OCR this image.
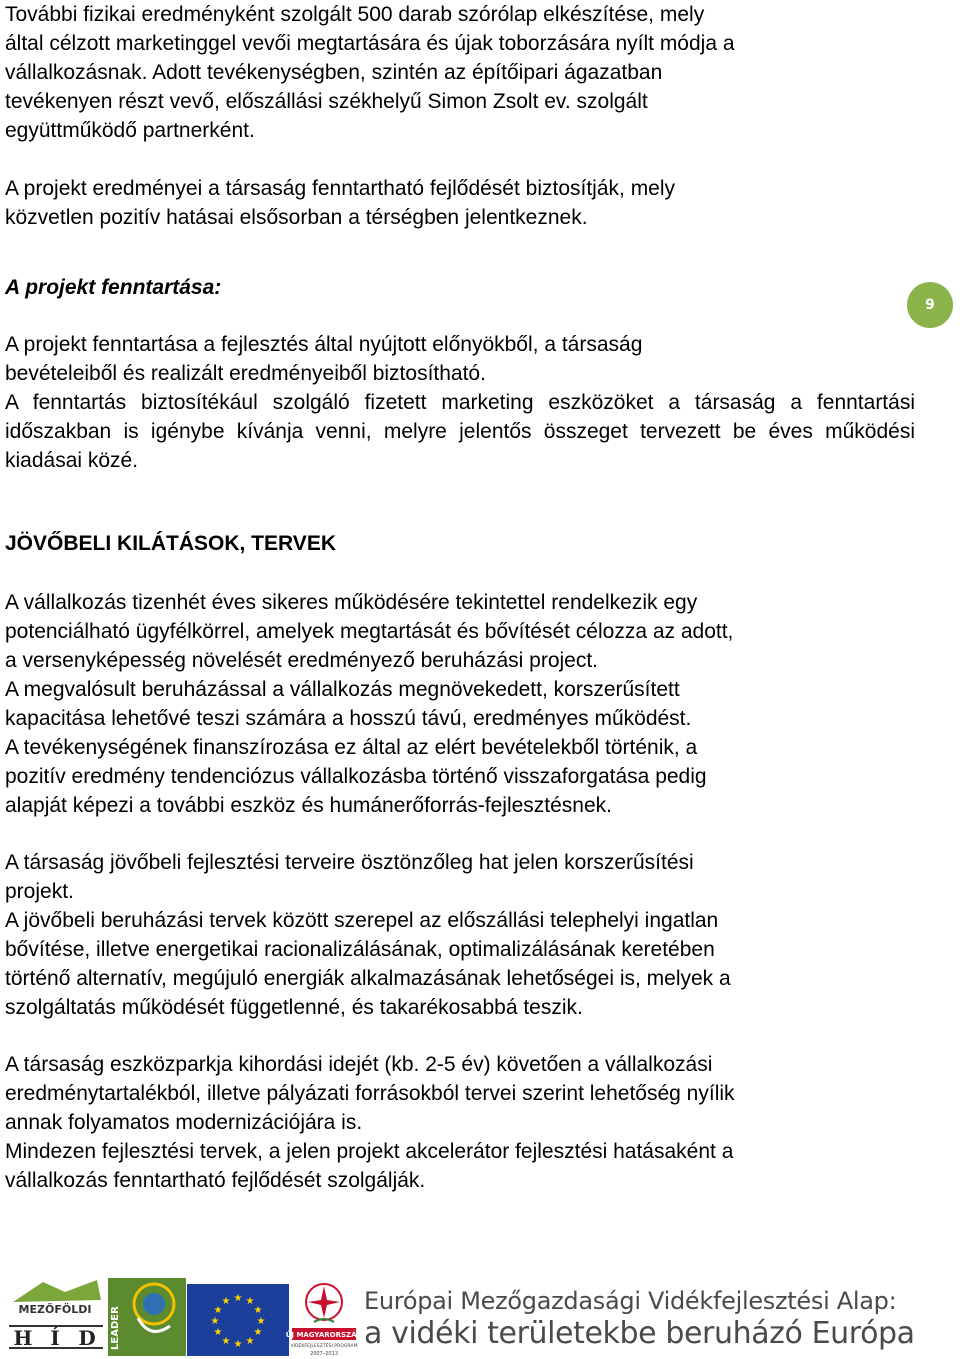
További fizikai eredményként szolgált 500 darab szórólap elkészítése, mely

által célzott marketinggel vevői megtartására és újak toborzására nyílt módja a

vállalkozásnak. Adott tevékenységben, szintén az építőipari ágazatban

tevékenyen részt vevő, előszállási székhelyű Simon Zsolt ev. szolgált

együttműködő partnerként.

A projekt eredményei a társaság fenntartható fejlődését biztosítják, mely

közvetlen pozitív hatásai elsősorban a térségben jelentkeznek.

A projekt fenntartása:

A projekt fenntartása a fejlesztés által nyújtott előnyökből, a társaság

bevételeiből és realizált eredményeiből biztosítható.

A fenntartás biztosítékául szolgáló fizetett marketing eszközöket a társaság a fenntartási időszakban is igénybe kívánja venni, melyre jelentős összeget tervezett be éves működési kiadásai közé.

JÖVŐBELI KILÁTÁSOK, TERVEK

A vállalkozás tizenhét éves sikeres működésére tekintettel rendelkezik egy

potenciálható ügyfélkörrel, amelyek megtartását és bővítését célozza az adott,

a versenyképesség növelését eredményező beruházási project.

A megvalósult beruházással a vállalkozás megnövekedett, korszerűsített

kapacitása lehetővé teszi számára a hosszú távú, eredményes működést.

A tevékenységének finanszírozása ez által az elért bevételekből történik, a

pozitív eredmény tendenciózus vállalkozásba történő visszaforgatása pedig

alapját képezi a további eszköz és humánerőforrás-fejlesztésnek.

A társaság jövőbeli fejlesztési terveire ösztönzőleg hat jelen korszerűsítési

projekt.

A jövőbeli beruházási tervek között szerepel az előszállási telephelyi ingatlan

bővítése, illetve energetikai racionalizálásának, optimalizálásának keretében

történő alternatív, megújuló energiák alkalmazásának lehetőségei is, melyek a

szolgáltatás működését függetlenné, és takarékosabbá teszik.

A társaság eszközparkja kihordási idejét (kb. 2-5 év) követően a vállalkozási

eredménytartalékból, illetve pályázati forrásokból tervei szerint lehetőség nyílik

annak folyamatos modernizációjára is.

Mindezen fejlesztési tervek, a jelen projekt akcelerátor fejlesztési hatásaként a

vállalkozás fenntartható fejlődését szolgálják.

9
MEZŐFÖLDI
H Í D LEADER
★ ★
★
★
★
★
★
★
★
★
★
★
ÚJ MAGYARORSZÁG
VIDÉKFEJLESZTÉSI PROGRAM
2007–2013
Európai Mezőgazdasági Vidékfejlesztési Alap:
a vidéki területekbe beruházó Európa
